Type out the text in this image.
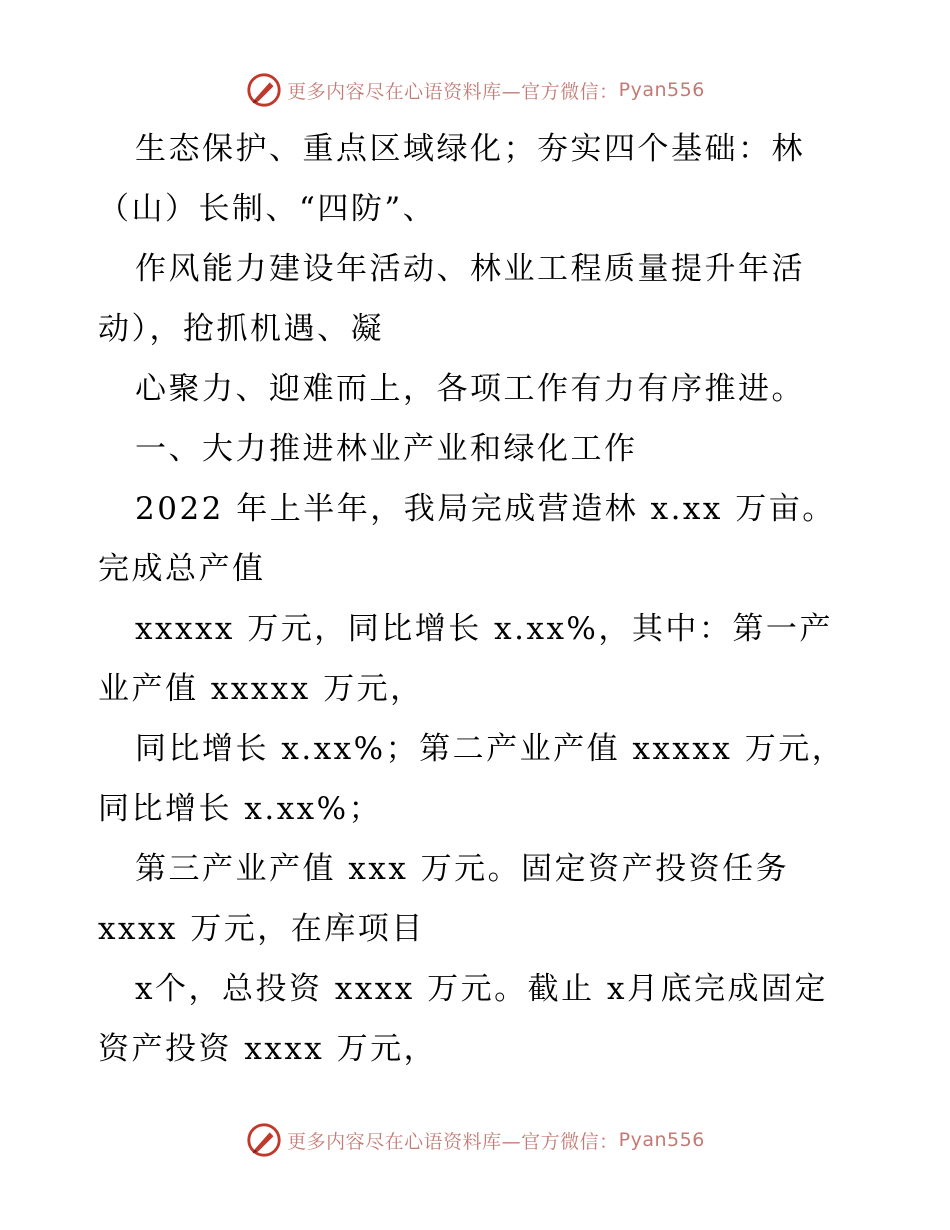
更多内容尽在心语资料库—官方微信： Pyan556
生态保护、重点区域绿化；夯实四个基础：林
（山）长制、“四防”、
作风能力建设年活动、林业工程质量提升年活
动），抢抓机遇、凝
心聚力、迎难而上，各项工作有力有序推进。
一、大力推进林业产业和绿化工作
2022 年上半年，我局完成营造林 x.xx 万亩。
完成总产值
xxxxx 万元，同比增长 x.xx%，其中：第一产
业产值 xxxxx 万元，
同比增长 x.xx%；第二产业产值 xxxxx 万元，
同比增长 x.xx%；
第三产业产值 xxx 万元。固定资产投资任务
xxxx 万元，在库项目
x个，总投资 xxxx 万元。截止 x月底完成固定
资产投资 xxxx 万元，
更多内容尽在心语资料库—官方微信： Pyan556
